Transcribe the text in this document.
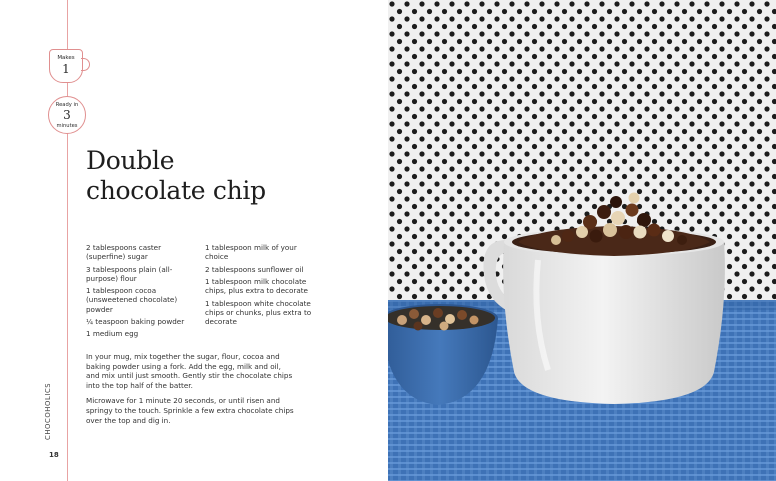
Makes
1
Ready in
3
minutes
Double
chocolate chip

2 tablespoons caster (superfine) sugar

3 tablespoons plain (all-purpose) flour

1 tablespoon cocoa (unsweetened chocolate) powder

¼ teaspoon baking powder

1 medium egg

1 tablespoon milk of your choice

2 tablespoons sunflower oil

1 tablespoon milk chocolate chips, plus extra to decorate

1 tablespoon white chocolate chips or chunks, plus extra to decorate

In your mug, mix together the sugar, flour, cocoa and baking powder using a fork. Add the egg, milk and oil, and mix until just smooth. Gently stir the chocolate chips into the top half of the batter.

Microwave for 1 minute 20 seconds, or until risen and springy to the touch. Sprinkle a few extra chocolate chips over the top and dig in.

CHOCOHOLICS
18
